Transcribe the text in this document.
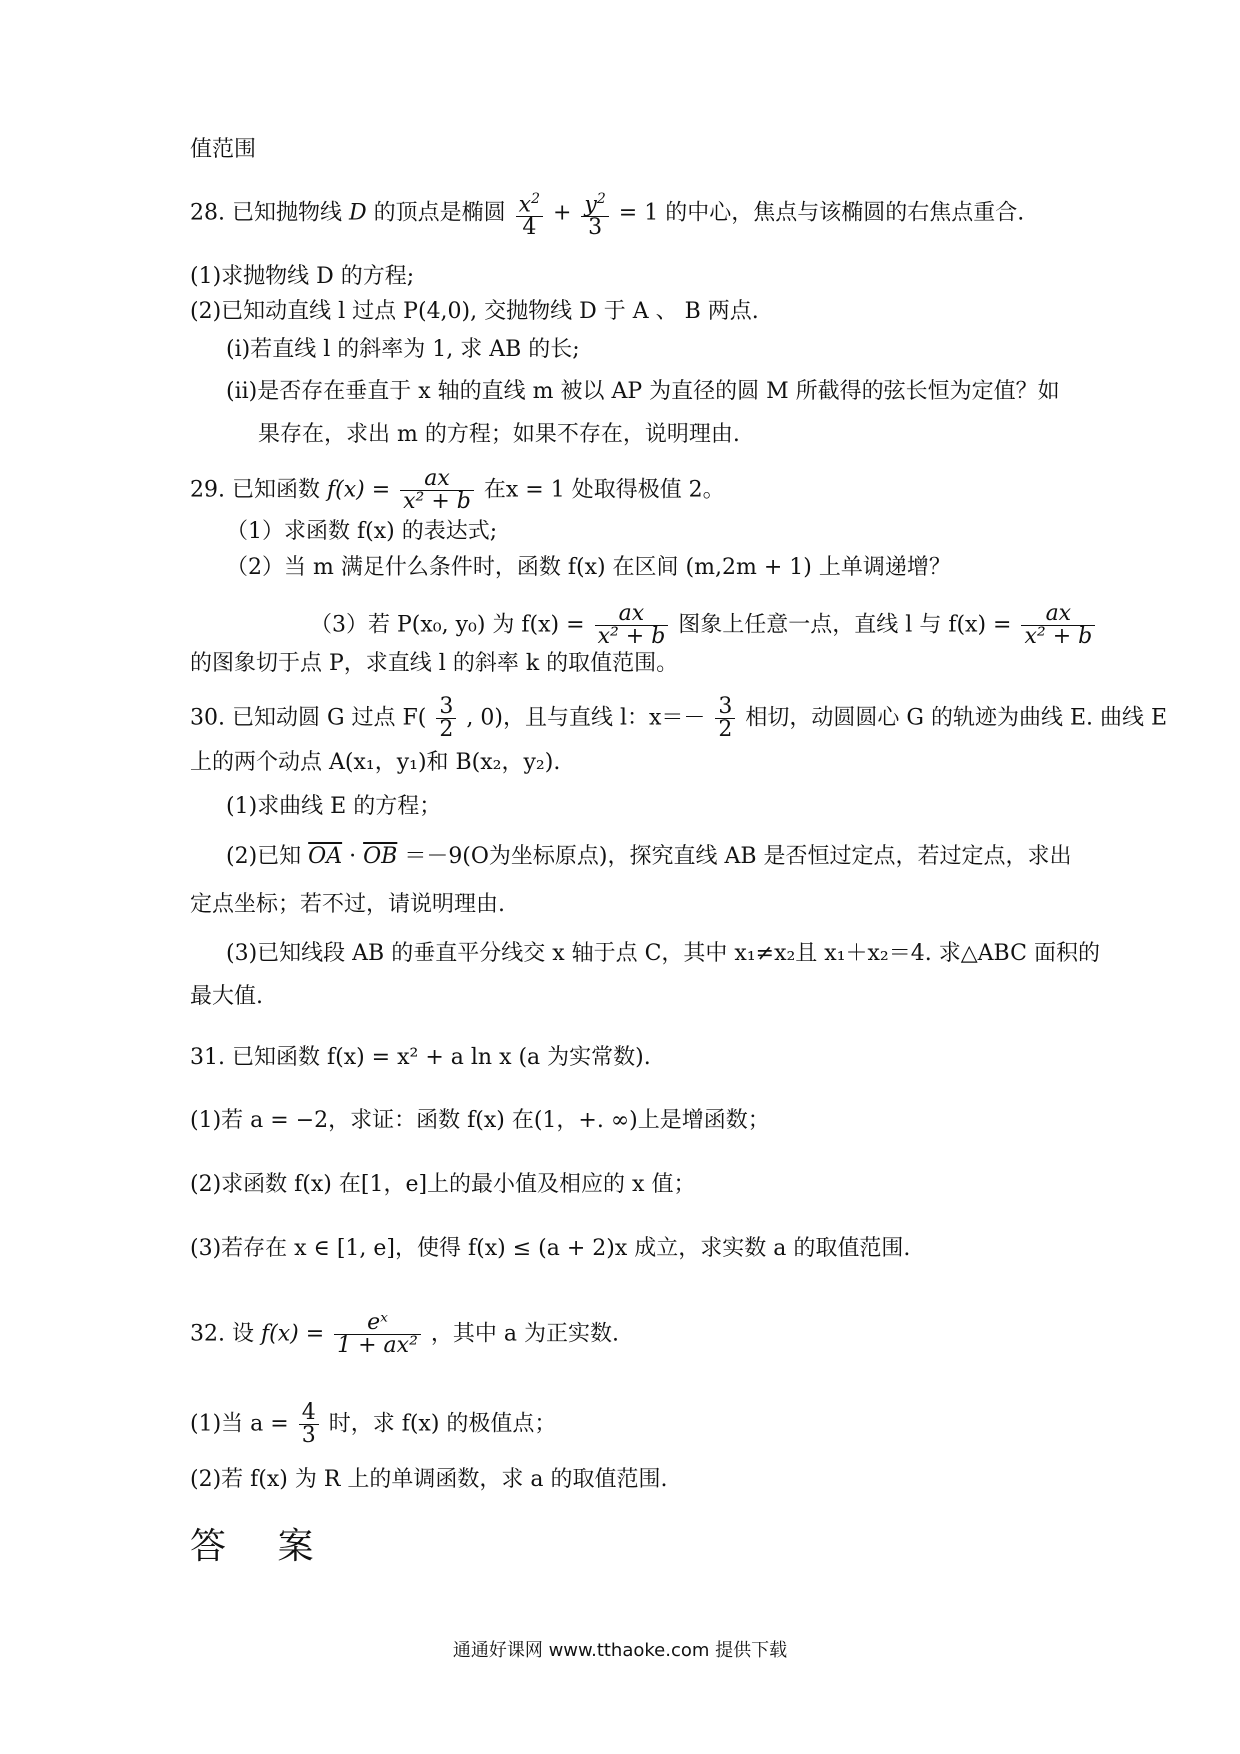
值范围
28. 已知抛物线 D 的顶点是椭圆 $\frac{x^2}{4} + \frac{y^2}{3} = 1$ 的中心，焦点与该椭圆的右焦点重合.
(1)求抛物线 D 的方程;
(2)已知动直线 l 过点 P(4,0), 交抛物线 D 于 A 、 B 两点.
(i)若直线 l 的斜率为 1, 求 AB 的长;
(ii)是否存在垂直于 x 轴的直线 m 被以 AP 为直径的圆 M 所截得的弦长恒为定值？如
果存在，求出 m 的方程；如果不存在，说明理由.
29. 已知函数 $f(x) = \frac{ax}{\text{x² + b}}$ 在x = 1 处取得极值 2。
（1）求函数 f(x) 的表达式;
（2）当 m 满足什么条件时，函数 f(x) 在区间 (m,2m + 1) 上单调递增？
（3）若 P(x₀, y₀) 为 $f(x) = \frac{ax}{\text{x² + b}}$ 图象上任意一点，直线 l 与 $f(x) = \frac{ax}{\text{x² + b}}$
的图象切于点 P，求直线 l 的斜率 k 的取值范围。
30. 已知动圆 G 过点 $F( \frac{3}{2}$ , 0)，且与直线 l：$x=- \frac{3}{2}$ 相切，动圆圆心 G 的轨迹为曲线 E. 曲线 E
上的两个动点 A(x₁，y₁)和 B(x₂，y₂).
(1)求曲线 E 的方程；
(2)已知 $\overline{OA} \cdot \overline{OB} =-9(O$为坐标原点)，探究直线 AB 是否恒过定点，若过定点，求出
定点坐标；若不过，请说明理由.
(3)已知线段 AB 的垂直平分线交 x 轴于点 C，其中 x₁≠x₂且 x₁＋x₂＝4. 求△ABC 面积的
最大值.
31. 已知函数 f(x) = x² + a ln x (a 为实常数).
(1)若 a = −2，求证：函数 f(x) 在(1，+. ∞)上是增函数；
(2)求函数 f(x) 在[1，e]上的最小值及相应的 x 值；
(3)若存在 x ∈ [1, e]，使得 f(x) ≤ (a + 2)x 成立，求实数 a 的取值范围.
32. 设 $f(x) = \frac{\text{eˣ}}{\text{1 + ax²}}$ ，其中 a 为正实数.
(1)当 $a = \frac{4}{3}$ 时，求 f(x) 的极值点；
(2)若 f(x) 为 R 上的单调函数，求 a 的取值范围.
答 案
通通好课网 www.tthaoke.com 提供下载
